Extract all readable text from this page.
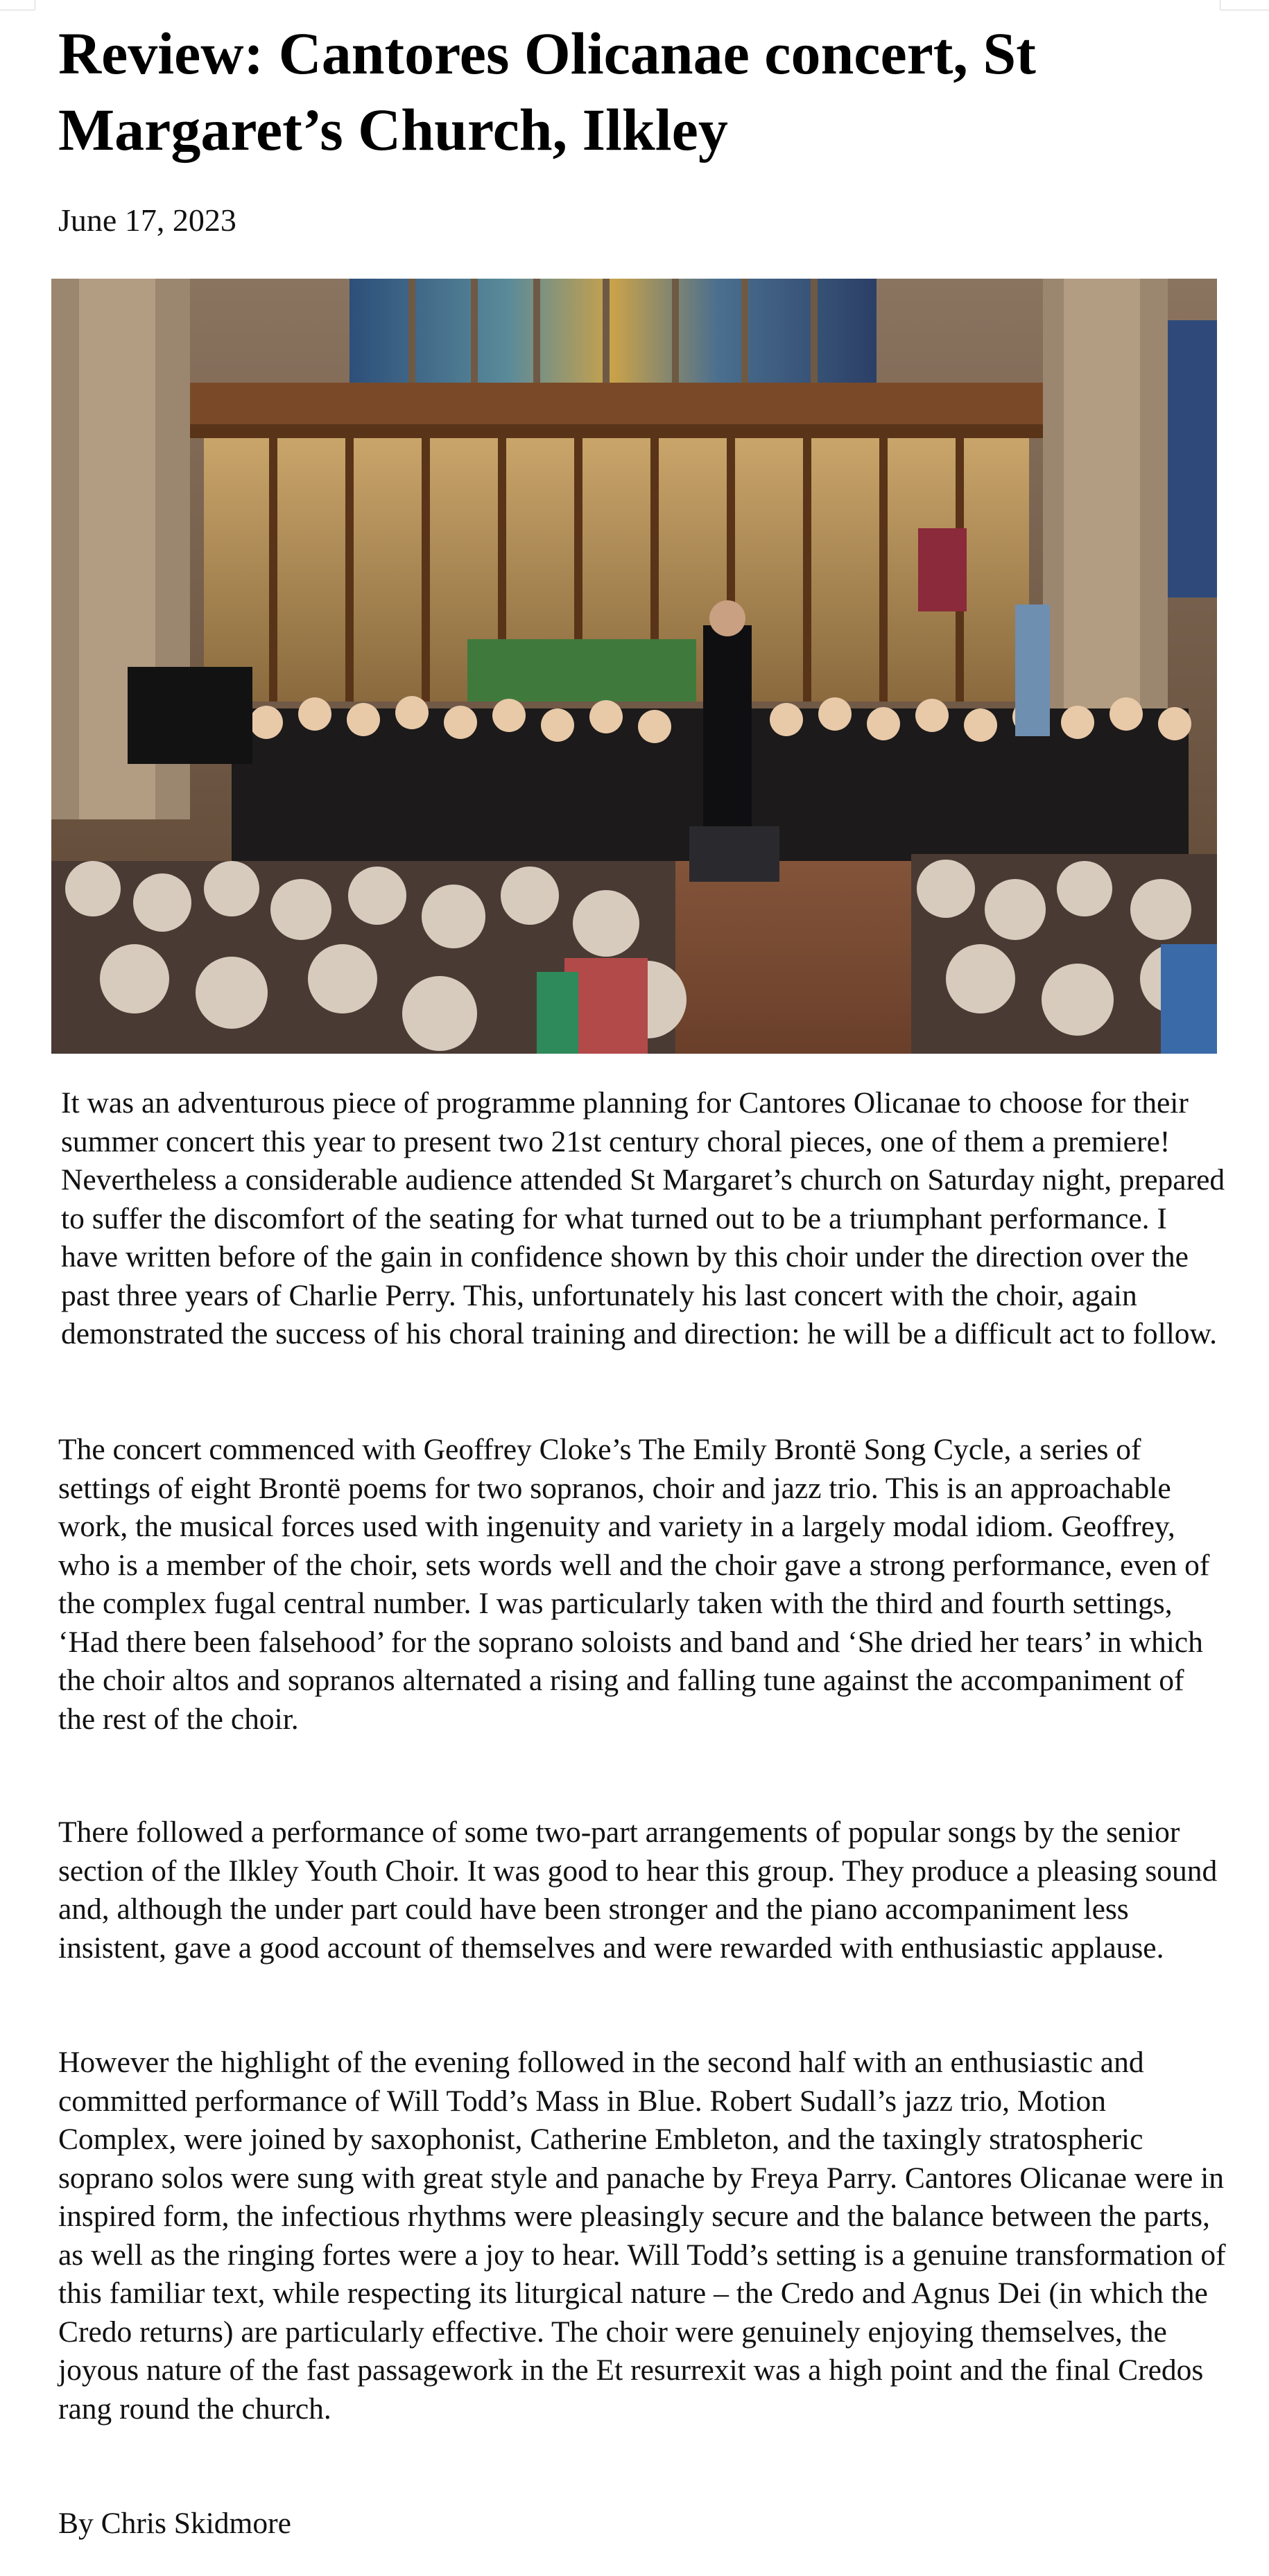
Review: Cantores Olicanae concert, St Margaret’s Church, Ilkley
June 17, 2023

It was an adventurous piece of programme planning for Cantores Olicanae to choose for their summer concert this year to present two 21st century choral pieces, one of them a premiere! Nevertheless a considerable audience attended St Margaret’s church on Saturday night, prepared to suffer the discomfort of the seating for what turned out to be a triumphant performance. I have written before of the gain in confidence shown by this choir under the direction over the past three years of Charlie Perry. This, unfortunately his last concert with the choir, again demonstrated the success of his choral training and direction: he will be a difficult act to follow.

The concert commenced with Geoffrey Cloke’s The Emily Brontë Song Cycle, a series of settings of eight Brontë poems for two sopranos, choir and jazz trio. This is an approachable work, the musical forces used with ingenuity and variety in a largely modal idiom. Geoffrey, who is a member of the choir, sets words well and the choir gave a strong performance, even of the complex fugal central number. I was particularly taken with the third and fourth settings, ‘Had there been falsehood’ for the soprano soloists and band and ‘She dried her tears’ in which the choir altos and sopranos alternated a rising and falling tune against the accompaniment of the rest of the choir.

There followed a performance of some two-part arrangements of popular songs by the senior section of the Ilkley Youth Choir. It was good to hear this group. They produce a pleasing sound and, although the under part could have been stronger and the piano accompaniment less insistent, gave a good account of themselves and were rewarded with enthusiastic applause.

However the highlight of the evening followed in the second half with an enthusiastic and committed performance of Will Todd’s Mass in Blue. Robert Sudall’s jazz trio, Motion Complex, were joined by saxophonist, Catherine Embleton, and the taxingly stratospheric soprano solos were sung with great style and panache by Freya Parry. Cantores Olicanae were in inspired form, the infectious rhythms were pleasingly secure and the balance between the parts, as well as the ringing fortes were a joy to hear. Will Todd’s setting is a genuine transformation of this familiar text, while respecting its liturgical nature – the Credo and Agnus Dei (in which the Credo returns) are particularly effective. The choir were genuinely enjoying themselves, the joyous nature of the fast passagework in the Et resurrexit was a high point and the final Credos rang round the church.

By Chris Skidmore
